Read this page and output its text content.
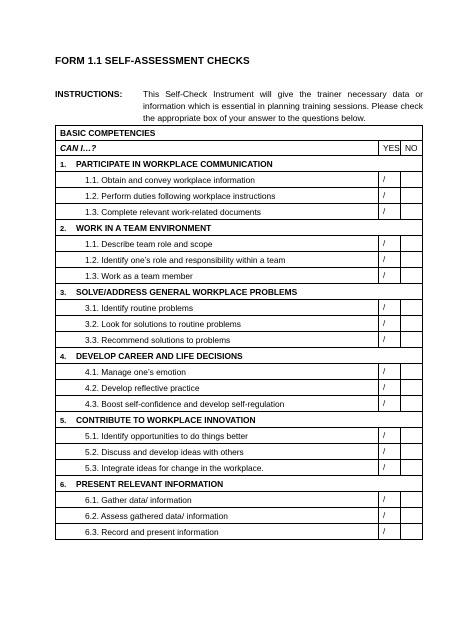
FORM 1.1 SELF-ASSESSMENT CHECKS
INSTRUCTIONS: This Self-Check Instrument will give the trainer necessary data or information which is essential in planning training sessions. Please check the appropriate box of your answer to the questions below.
BASIC COMPETENCIES		
CAN I…?	YES	NO
1. PARTICIPATE IN WORKPLACE COMMUNICATION		
1.1. Obtain and convey workplace information	/	
1.2. Perform duties following workplace instructions	/	
1.3. Complete relevant work-related documents	/	
2. WORK IN A TEAM ENVIRONMENT		
1.1. Describe team role and scope	/	
1.2. Identify one’s role and responsibility within a team	/	
1.3. Work as a team member	/	
3. SOLVE/ADDRESS GENERAL WORKPLACE PROBLEMS		
3.1. Identify routine problems	/	
3.2. Look for solutions to routine problems	/	
3.3. Recommend solutions to problems	/	
4. DEVELOP CAREER AND LIFE DECISIONS		
4.1. Manage one’s emotion	/	
4.2. Develop reflective practice	/	
4.3. Boost self-confidence and develop self-regulation	/	
5. CONTRIBUTE TO WORKPLACE INNOVATION		
5.1. Identify opportunities to do things better	/	
5.2. Discuss and develop ideas with others	/	
5.3. Integrate ideas for change in the workplace.	/	
6. PRESENT RELEVANT INFORMATION		
6.1. Gather data/ information	/	
6.2. Assess gathered data/ information	/	
6.3. Record and present information	/	
